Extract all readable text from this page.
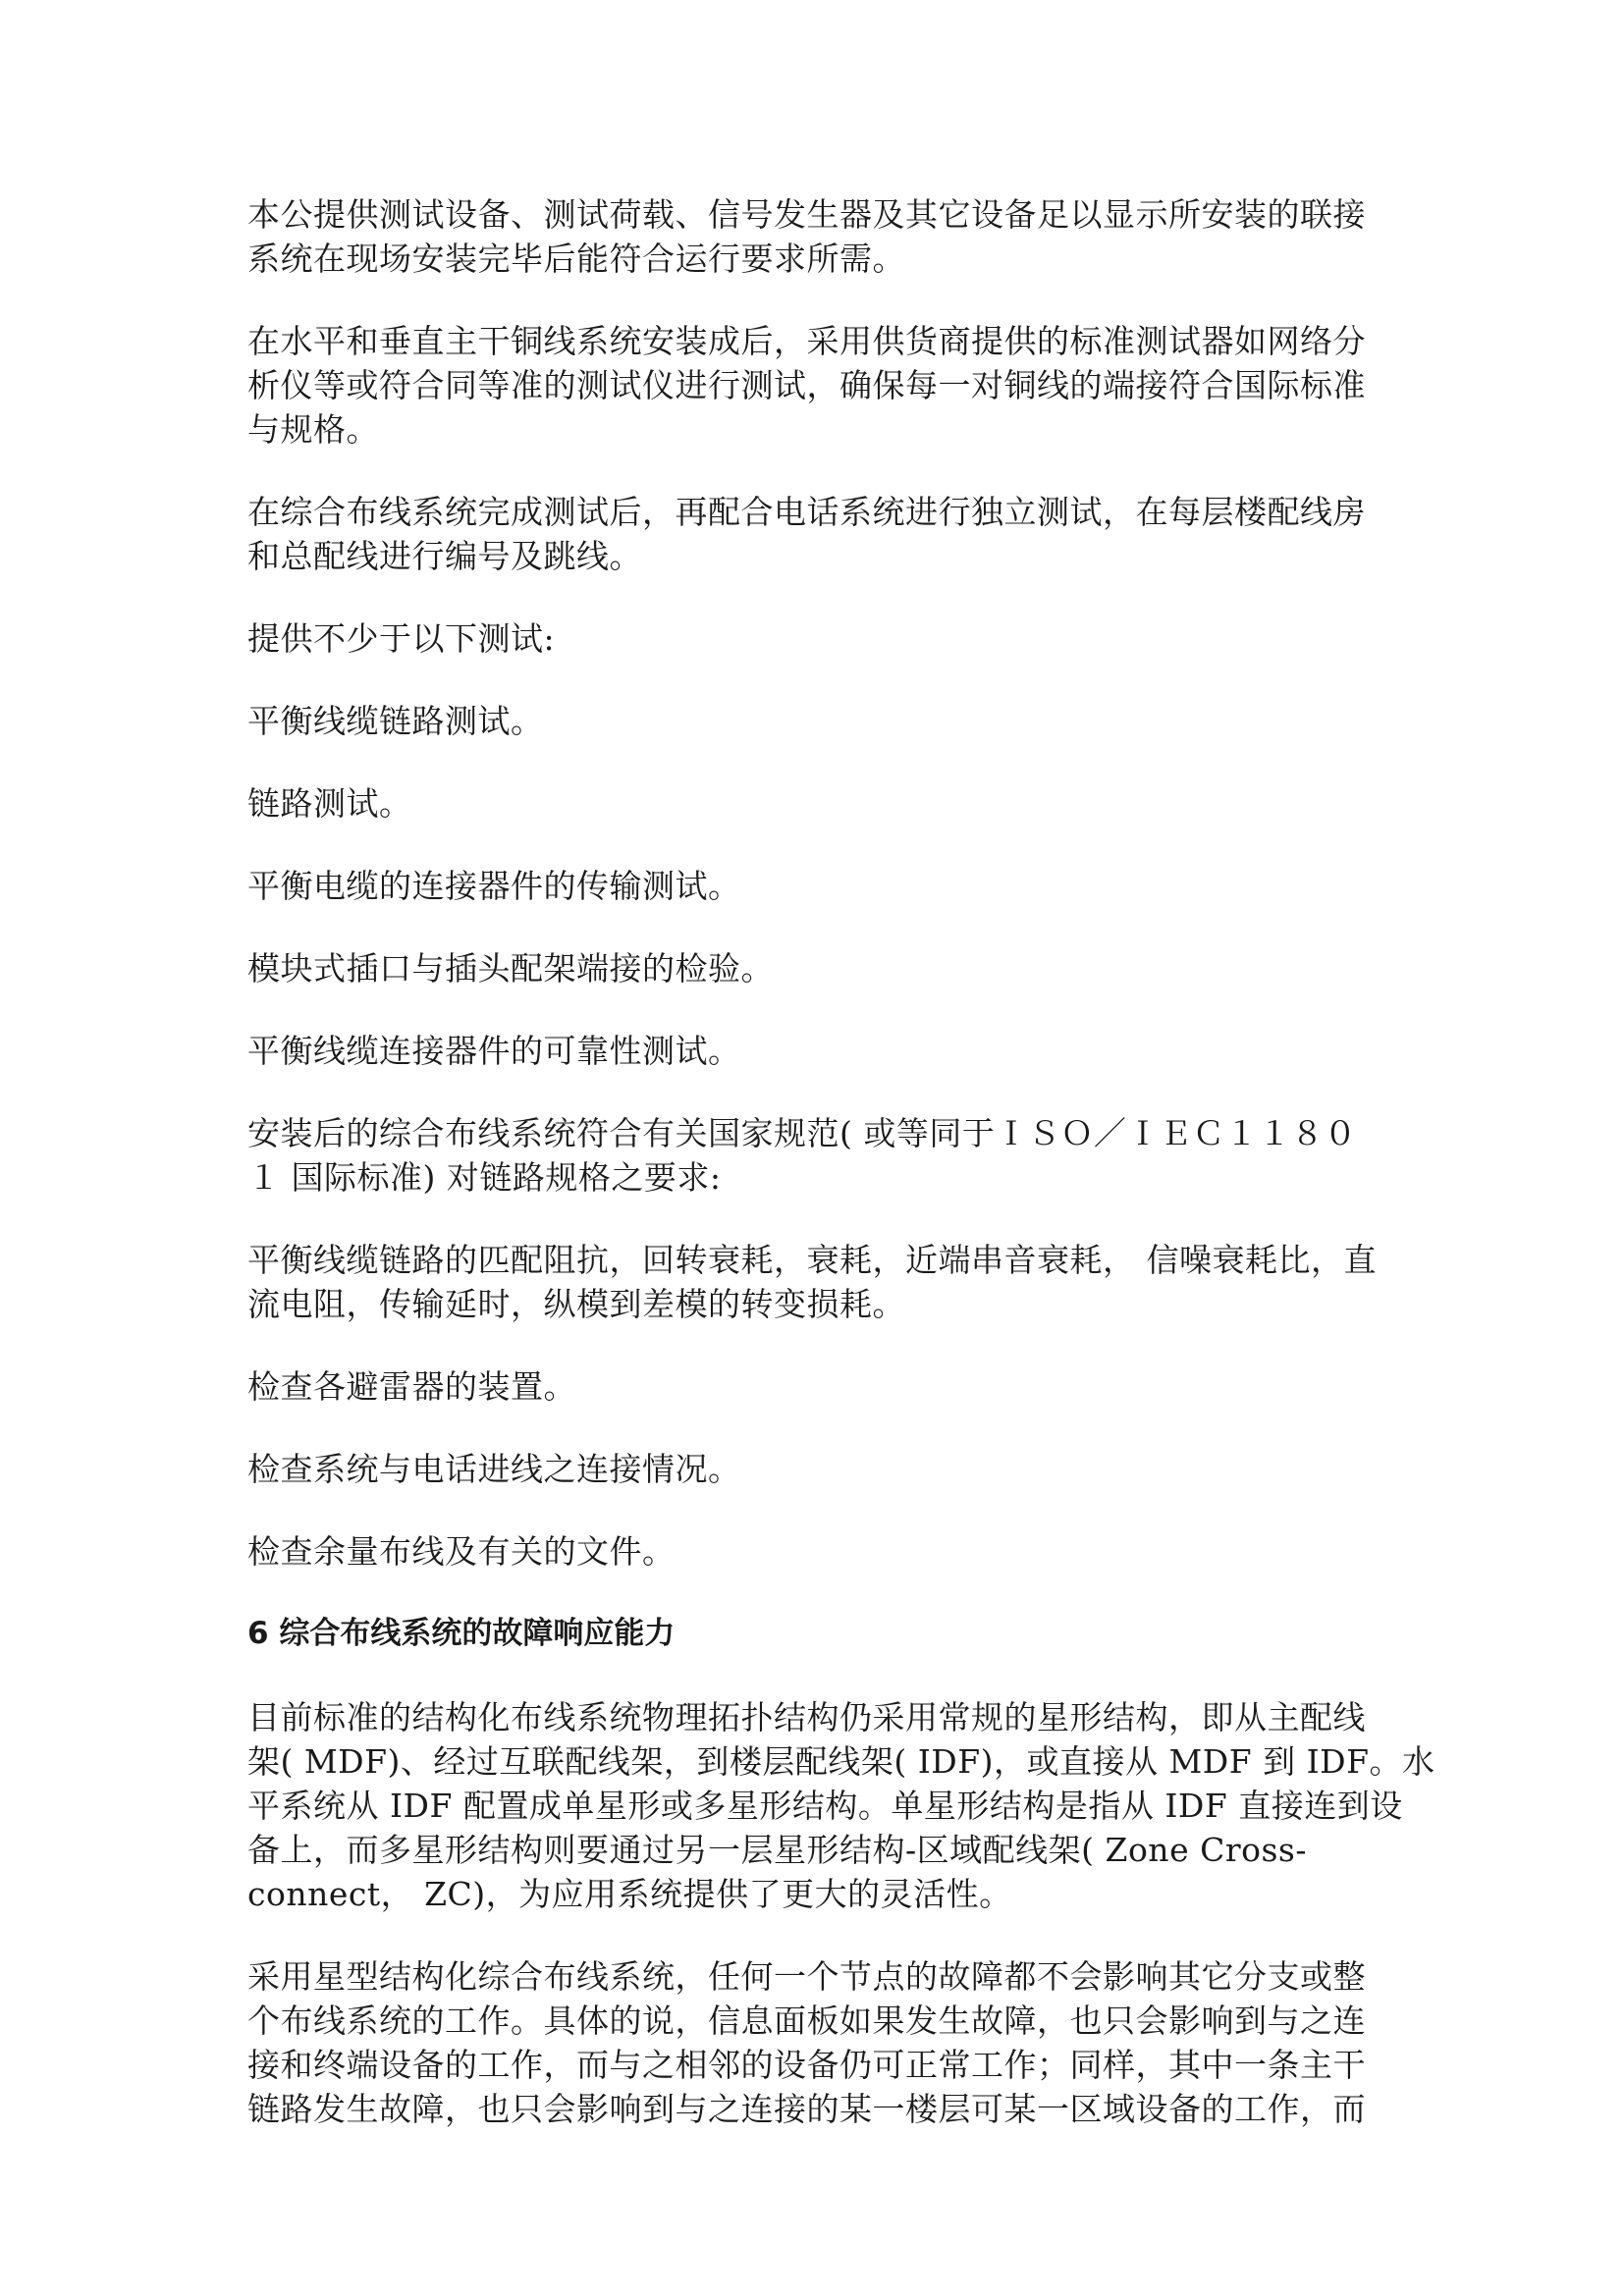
本公提供测试设备、测试荷载、信号发生器及其它设备足以显示所安装的联接
系统在现场安装完毕后能符合运行要求所需。
在水平和垂直主干铜线系统安装成后，采用供货商提供的标准测试器如网络分
析仪等或符合同等准的测试仪进行测试，确保每一对铜线的端接符合国际标准
与规格。
在综合布线系统完成测试后，再配合电话系统进行独立测试，在每层楼配线房
和总配线进行编号及跳线。
提供不少于以下测试:
平衡线缆链路测试。
链路测试。
平衡电缆的连接器件的传输测试。
模块式插口与插头配架端接的检验。
平衡线缆连接器件的可靠性测试。
安装后的综合布线系统符合有关国家规范( 或等同于ＩＳＯ／ＩＥＣ１１８０
１ 国际标准) 对链路规格之要求:
平衡线缆链路的匹配阻抗，回转衰耗，衰耗，近端串音衰耗， 信噪衰耗比，直
流电阻，传输延时，纵模到差模的转变损耗。
检查各避雷器的装置。
检查系统与电话进线之连接情况。
检查余量布线及有关的文件。
6 综合布线系统的故障响应能力
目前标准的结构化布线系统物理拓扑结构仍采用常规的星形结构，即从主配线
架( MDF)、经过互联配线架，到楼层配线架( IDF)，或直接从 MDF 到 IDF。水
平系统从 IDF 配置成单星形或多星形结构。单星形结构是指从 IDF 直接连到设
备上，而多星形结构则要通过另一层星形结构-区域配线架( Zone Cross-
connect， ZC)，为应用系统提供了更大的灵活性。
采用星型结构化综合布线系统，任何一个节点的故障都不会影响其它分支或整
个布线系统的工作。具体的说，信息面板如果发生故障，也只会影响到与之连
接和终端设备的工作，而与之相邻的设备仍可正常工作；同样，其中一条主干
链路发生故障，也只会影响到与之连接的某一楼层可某一区域设备的工作，而
